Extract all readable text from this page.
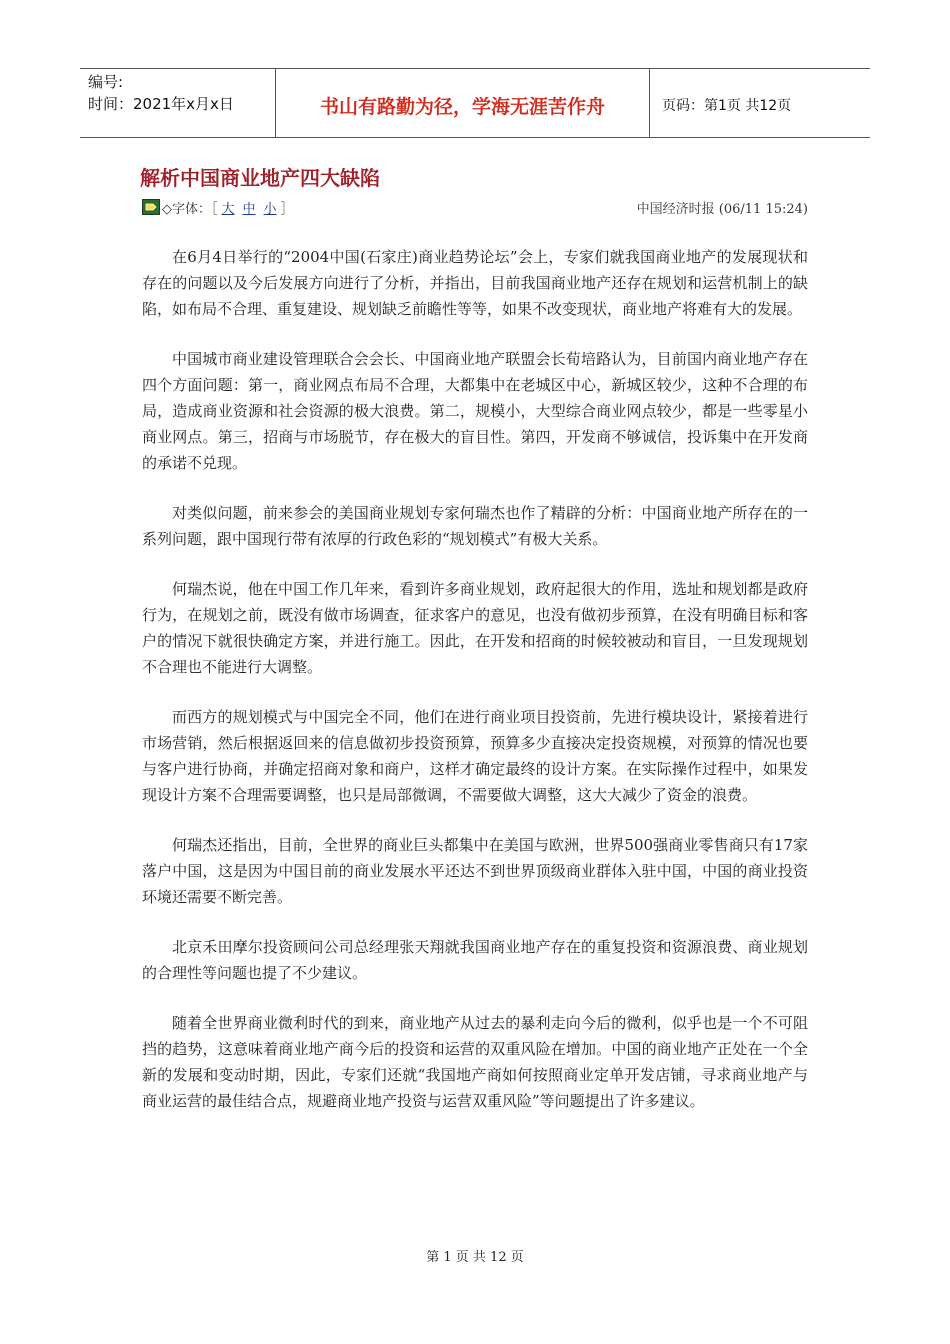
编号:
时间：2021年x月x日	书山有路勤为径，学海无涯苦作舟	页码：第1页 共12页
解析中国商业地产四大缺陷
◇字体：［ 大 中 小 ］	中国经济时报 (06/11 15:24)

在6月4日举行的“2004中国(石家庄)商业趋势论坛”会上，专家们就我国商业地产的发展现状和存在的问题以及今后发展方向进行了分析，并指出，目前我国商业地产还存在规划和运营机制上的缺陷，如布局不合理、重复建设、规划缺乏前瞻性等等，如果不改变现状，商业地产将难有大的发展。

中国城市商业建设管理联合会会长、中国商业地产联盟会长荀培路认为，目前国内商业地产存在四个方面问题：第一，商业网点布局不合理，大都集中在老城区中心，新城区较少，这种不合理的布局，造成商业资源和社会资源的极大浪费。第二，规模小，大型综合商业网点较少，都是一些零星小商业网点。第三，招商与市场脱节，存在极大的盲目性。第四，开发商不够诚信，投诉集中在开发商的承诺不兑现。

对类似问题，前来参会的美国商业规划专家何瑞杰也作了精辟的分析：中国商业地产所存在的一系列问题，跟中国现行带有浓厚的行政色彩的“规划模式”有极大关系。

何瑞杰说，他在中国工作几年来，看到许多商业规划，政府起很大的作用，选址和规划都是政府行为，在规划之前，既没有做市场调查，征求客户的意见，也没有做初步预算，在没有明确目标和客户的情况下就很快确定方案，并进行施工。因此，在开发和招商的时候较被动和盲目，一旦发现规划不合理也不能进行大调整。

而西方的规划模式与中国完全不同，他们在进行商业项目投资前，先进行模块设计，紧接着进行市场营销，然后根据返回来的信息做初步投资预算，预算多少直接决定投资规模，对预算的情况也要与客户进行协商，并确定招商对象和商户，这样才确定最终的设计方案。在实际操作过程中，如果发现设计方案不合理需要调整，也只是局部微调，不需要做大调整，这大大减少了资金的浪费。

何瑞杰还指出，目前，全世界的商业巨头都集中在美国与欧洲，世界500强商业零售商只有17家落户中国，这是因为中国目前的商业发展水平还达不到世界顶级商业群体入驻中国，中国的商业投资环境还需要不断完善。

北京禾田摩尔投资顾问公司总经理张天翔就我国商业地产存在的重复投资和资源浪费、商业规划的合理性等问题也提了不少建议。

随着全世界商业微利时代的到来，商业地产从过去的暴利走向今后的微利，似乎也是一个不可阻挡的趋势，这意味着商业地产商今后的投资和运营的双重风险在增加。中国的商业地产正处在一个全新的发展和变动时期，因此，专家们还就“我国地产商如何按照商业定单开发店铺，寻求商业地产与商业运营的最佳结合点，规避商业地产投资与运营双重风险”等问题提出了许多建议。

第 1 页 共 12 页
